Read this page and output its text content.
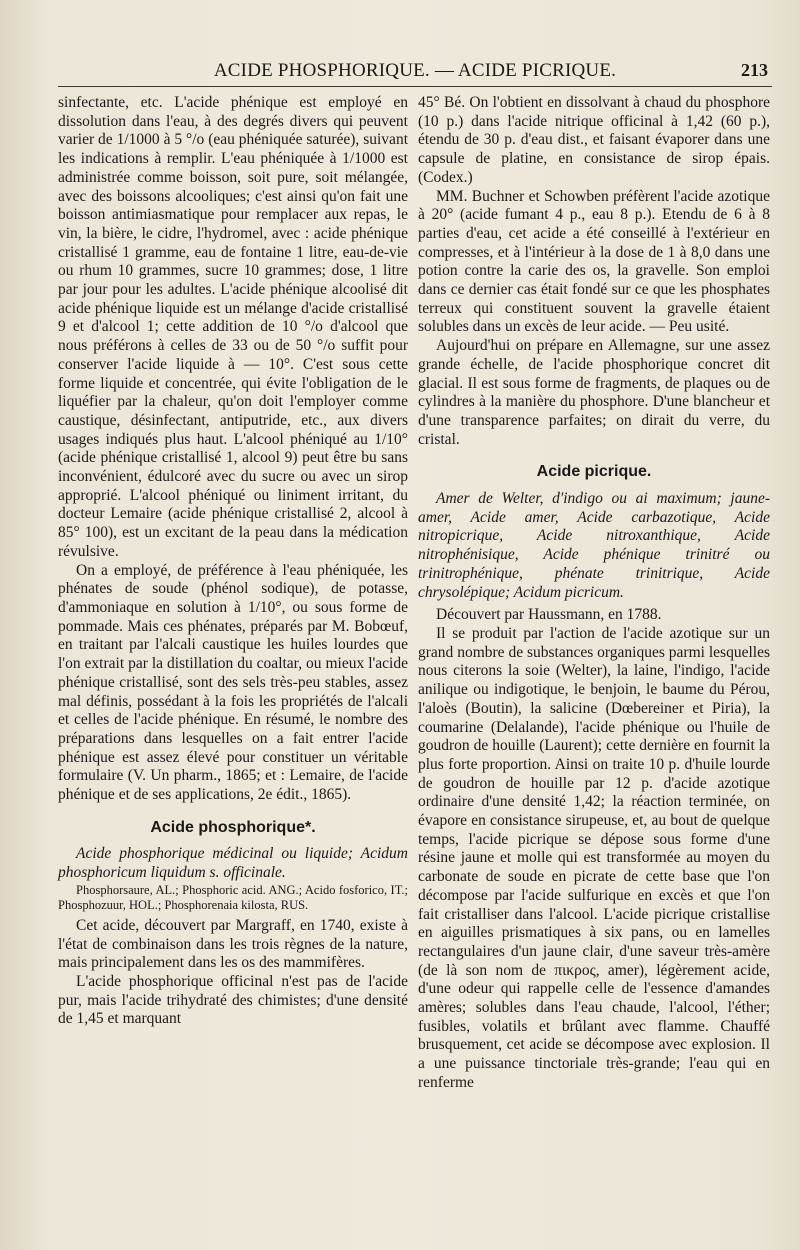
ACIDE PHOSPHORIQUE. — ACIDE PICRIQUE.	213

sinfectante, etc. L'acide phénique est employé en dissolution dans l'eau, à des degrés divers qui peuvent varier de 1/1000 à 5 °/o (eau phéniquée saturée), suivant les indications à remplir. L'eau phéniquée à 1/1000 est administrée comme boisson, soit pure, soit mélangée, avec des boissons alcooliques; c'est ainsi qu'on fait une boisson antimiasmatique pour remplacer aux repas, le vin, la bière, le cidre, l'hydromel, avec : acide phénique cristallisé 1 gramme, eau de fontaine 1 litre, eau-de-vie ou rhum 10 grammes, sucre 10 grammes; dose, 1 litre par jour pour les adultes. L'acide phénique alcoolisé dit acide phénique liquide est un mélange d'acide cristallisé 9 et d'alcool 1; cette addition de 10 °/o d'alcool que nous préférons à celles de 33 ou de 50 °/o suffit pour conserver l'acide liquide à — 10°. C'est sous cette forme liquide et concentrée, qui évite l'obligation de le liquéfier par la chaleur, qu'on doit l'employer comme caustique, désinfectant, antiputride, etc., aux divers usages indiqués plus haut. L'alcool phéniqué au 1/10° (acide phénique cristallisé 1, alcool 9) peut être bu sans inconvénient, édulcoré avec du sucre ou avec un sirop approprié. L'alcool phéniqué ou liniment irritant, du docteur Lemaire (acide phénique cristallisé 2, alcool à 85° 100), est un excitant de la peau dans la médication révulsive.

On a employé, de préférence à l'eau phéniquée, les phénates de soude (phénol sodique), de potasse, d'ammoniaque en solution à 1/10°, ou sous forme de pommade. Mais ces phénates, préparés par M. Bobœuf, en traitant par l'alcali caustique les huiles lourdes que l'on extrait par la distillation du coaltar, ou mieux l'acide phénique cristallisé, sont des sels très-peu stables, assez mal définis, possédant à la fois les propriétés de l'alcali et celles de l'acide phénique. En résumé, le nombre des préparations dans lesquelles on a fait entrer l'acide phénique est assez élevé pour constituer un véritable formulaire (V. Un pharm., 1865; et : Lemaire, de l'acide phénique et de ses applications, 2e édit., 1865).

Acide phosphorique*.

Acide phosphorique médicinal ou liquide; Acidum phosphoricum liquidum s. officinale.

Phosphorsaure, AL.; Phosphoric acid. ANG.; Acido fosforico, IT.; Phosphozuur, HOL.; Phosphorenaia kilosta, RUS.

Cet acide, découvert par Margraff, en 1740, existe à l'état de combinaison dans les trois règnes de la nature, mais principalement dans les os des mammifères.

L'acide phosphorique officinal n'est pas de l'acide pur, mais l'acide trihydraté des chimistes; d'une densité de 1,45 et marquant

45° Bé. On l'obtient en dissolvant à chaud du phosphore (10 p.) dans l'acide nitrique officinal à 1,42 (60 p.), étendu de 30 p. d'eau dist., et faisant évaporer dans une capsule de platine, en consistance de sirop épais. (Codex.)

MM. Buchner et Schowben préfèrent l'acide azotique à 20° (acide fumant 4 p., eau 8 p.). Etendu de 6 à 8 parties d'eau, cet acide a été conseillé à l'extérieur en compresses, et à l'intérieur à la dose de 1 à 8,0 dans une potion contre la carie des os, la gravelle. Son emploi dans ce dernier cas était fondé sur ce que les phosphates terreux qui constituent souvent la gravelle étaient solubles dans un excès de leur acide. — Peu usité.

Aujourd'hui on prépare en Allemagne, sur une assez grande échelle, de l'acide phosphorique concret dit glacial. Il est sous forme de fragments, de plaques ou de cylindres à la manière du phosphore. D'une blancheur et d'une transparence parfaites; on dirait du verre, du cristal.

Acide picrique.

Amer de Welter, d'indigo ou ai maximum; jaune-amer, Acide amer, Acide carbazotique, Acide nitropicrique, Acide nitroxanthique, Acide nitrophénisique, Acide phénique trinitré ou trinitrophénique, phénate trinitrique, Acide chrysolépique; Acidum picricum.

Découvert par Haussmann, en 1788.

Il se produit par l'action de l'acide azotique sur un grand nombre de substances organiques parmi lesquelles nous citerons la soie (Welter), la laine, l'indigo, l'acide anilique ou indigotique, le benjoin, le baume du Pérou, l'aloès (Boutin), la salicine (Dœbereiner et Piria), la coumarine (Delalande), l'acide phénique ou l'huile de goudron de houille (Laurent); cette dernière en fournit la plus forte proportion. Ainsi on traite 10 p. d'huile lourde de goudron de houille par 12 p. d'acide azotique ordinaire d'une densité 1,42; la réaction terminée, on évapore en consistance sirupeuse, et, au bout de quelque temps, l'acide picrique se dépose sous forme d'une résine jaune et molle qui est transformée au moyen du carbonate de soude en picrate de cette base que l'on décompose par l'acide sulfurique en excès et que l'on fait cristalliser dans l'alcool. L'acide picrique cristallise en aiguilles prismatiques à six pans, ou en lamelles rectangulaires d'un jaune clair, d'une saveur très-amère (de là son nom de πικρος, amer), légèrement acide, d'une odeur qui rappelle celle de l'essence d'amandes amères; solubles dans l'eau chaude, l'alcool, l'éther; fusibles, volatils et brûlant avec flamme. Chauffé brusquement, cet acide se décompose avec explosion. Il a une puissance tinctoriale très-grande; l'eau qui en renferme
